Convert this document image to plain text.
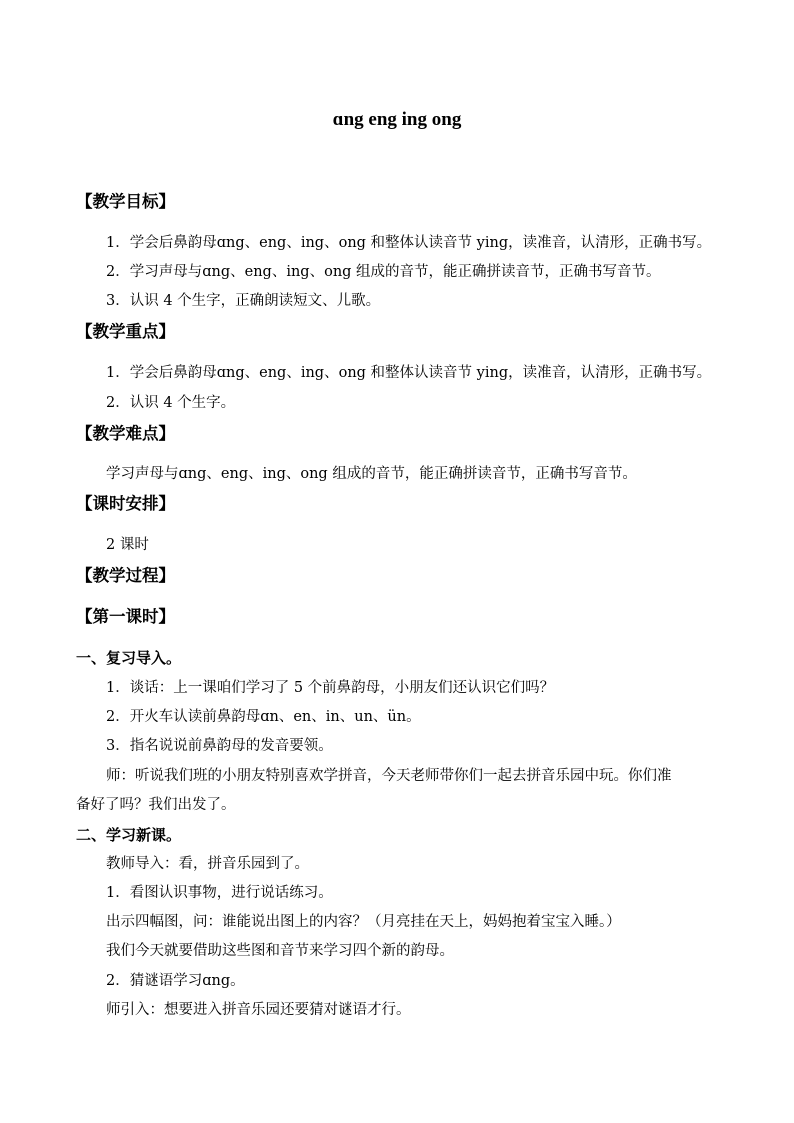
ɑng eng ing ong

【教学目标】

1．学会后鼻韵母ɑng、eng、ing、ong 和整体认读音节 ying，读准音，认清形，正确书写。

2．学习声母与ɑng、eng、ing、ong 组成的音节，能正确拼读音节，正确书写音节。

3．认识 4 个生字，正确朗读短文、儿歌。

【教学重点】

1．学会后鼻韵母ɑng、eng、ing、ong 和整体认读音节 ying，读准音，认清形，正确书写。

2．认识 4 个生字。

【教学难点】

学习声母与ɑng、eng、ing、ong 组成的音节，能正确拼读音节，正确书写音节。

【课时安排】

2 课时

【教学过程】

【第一课时】

一、复习导入。

1．谈话：上一课咱们学习了 5 个前鼻韵母，小朋友们还认识它们吗？

2．开火车认读前鼻韵母ɑn、en、in、un、ün。

3．指名说说前鼻韵母的发音要领。

师：听说我们班的小朋友特别喜欢学拼音，今天老师带你们一起去拼音乐园中玩。你们准

备好了吗？我们出发了。

二、学习新课。

教师导入：看，拼音乐园到了。

1．看图认识事物，进行说话练习。

出示四幅图，问：谁能说出图上的内容？（月亮挂在天上，妈妈抱着宝宝入睡。）

我们今天就要借助这些图和音节来学习四个新的韵母。

2．猜谜语学习ɑng。

师引入：想要进入拼音乐园还要猜对谜语才行。
